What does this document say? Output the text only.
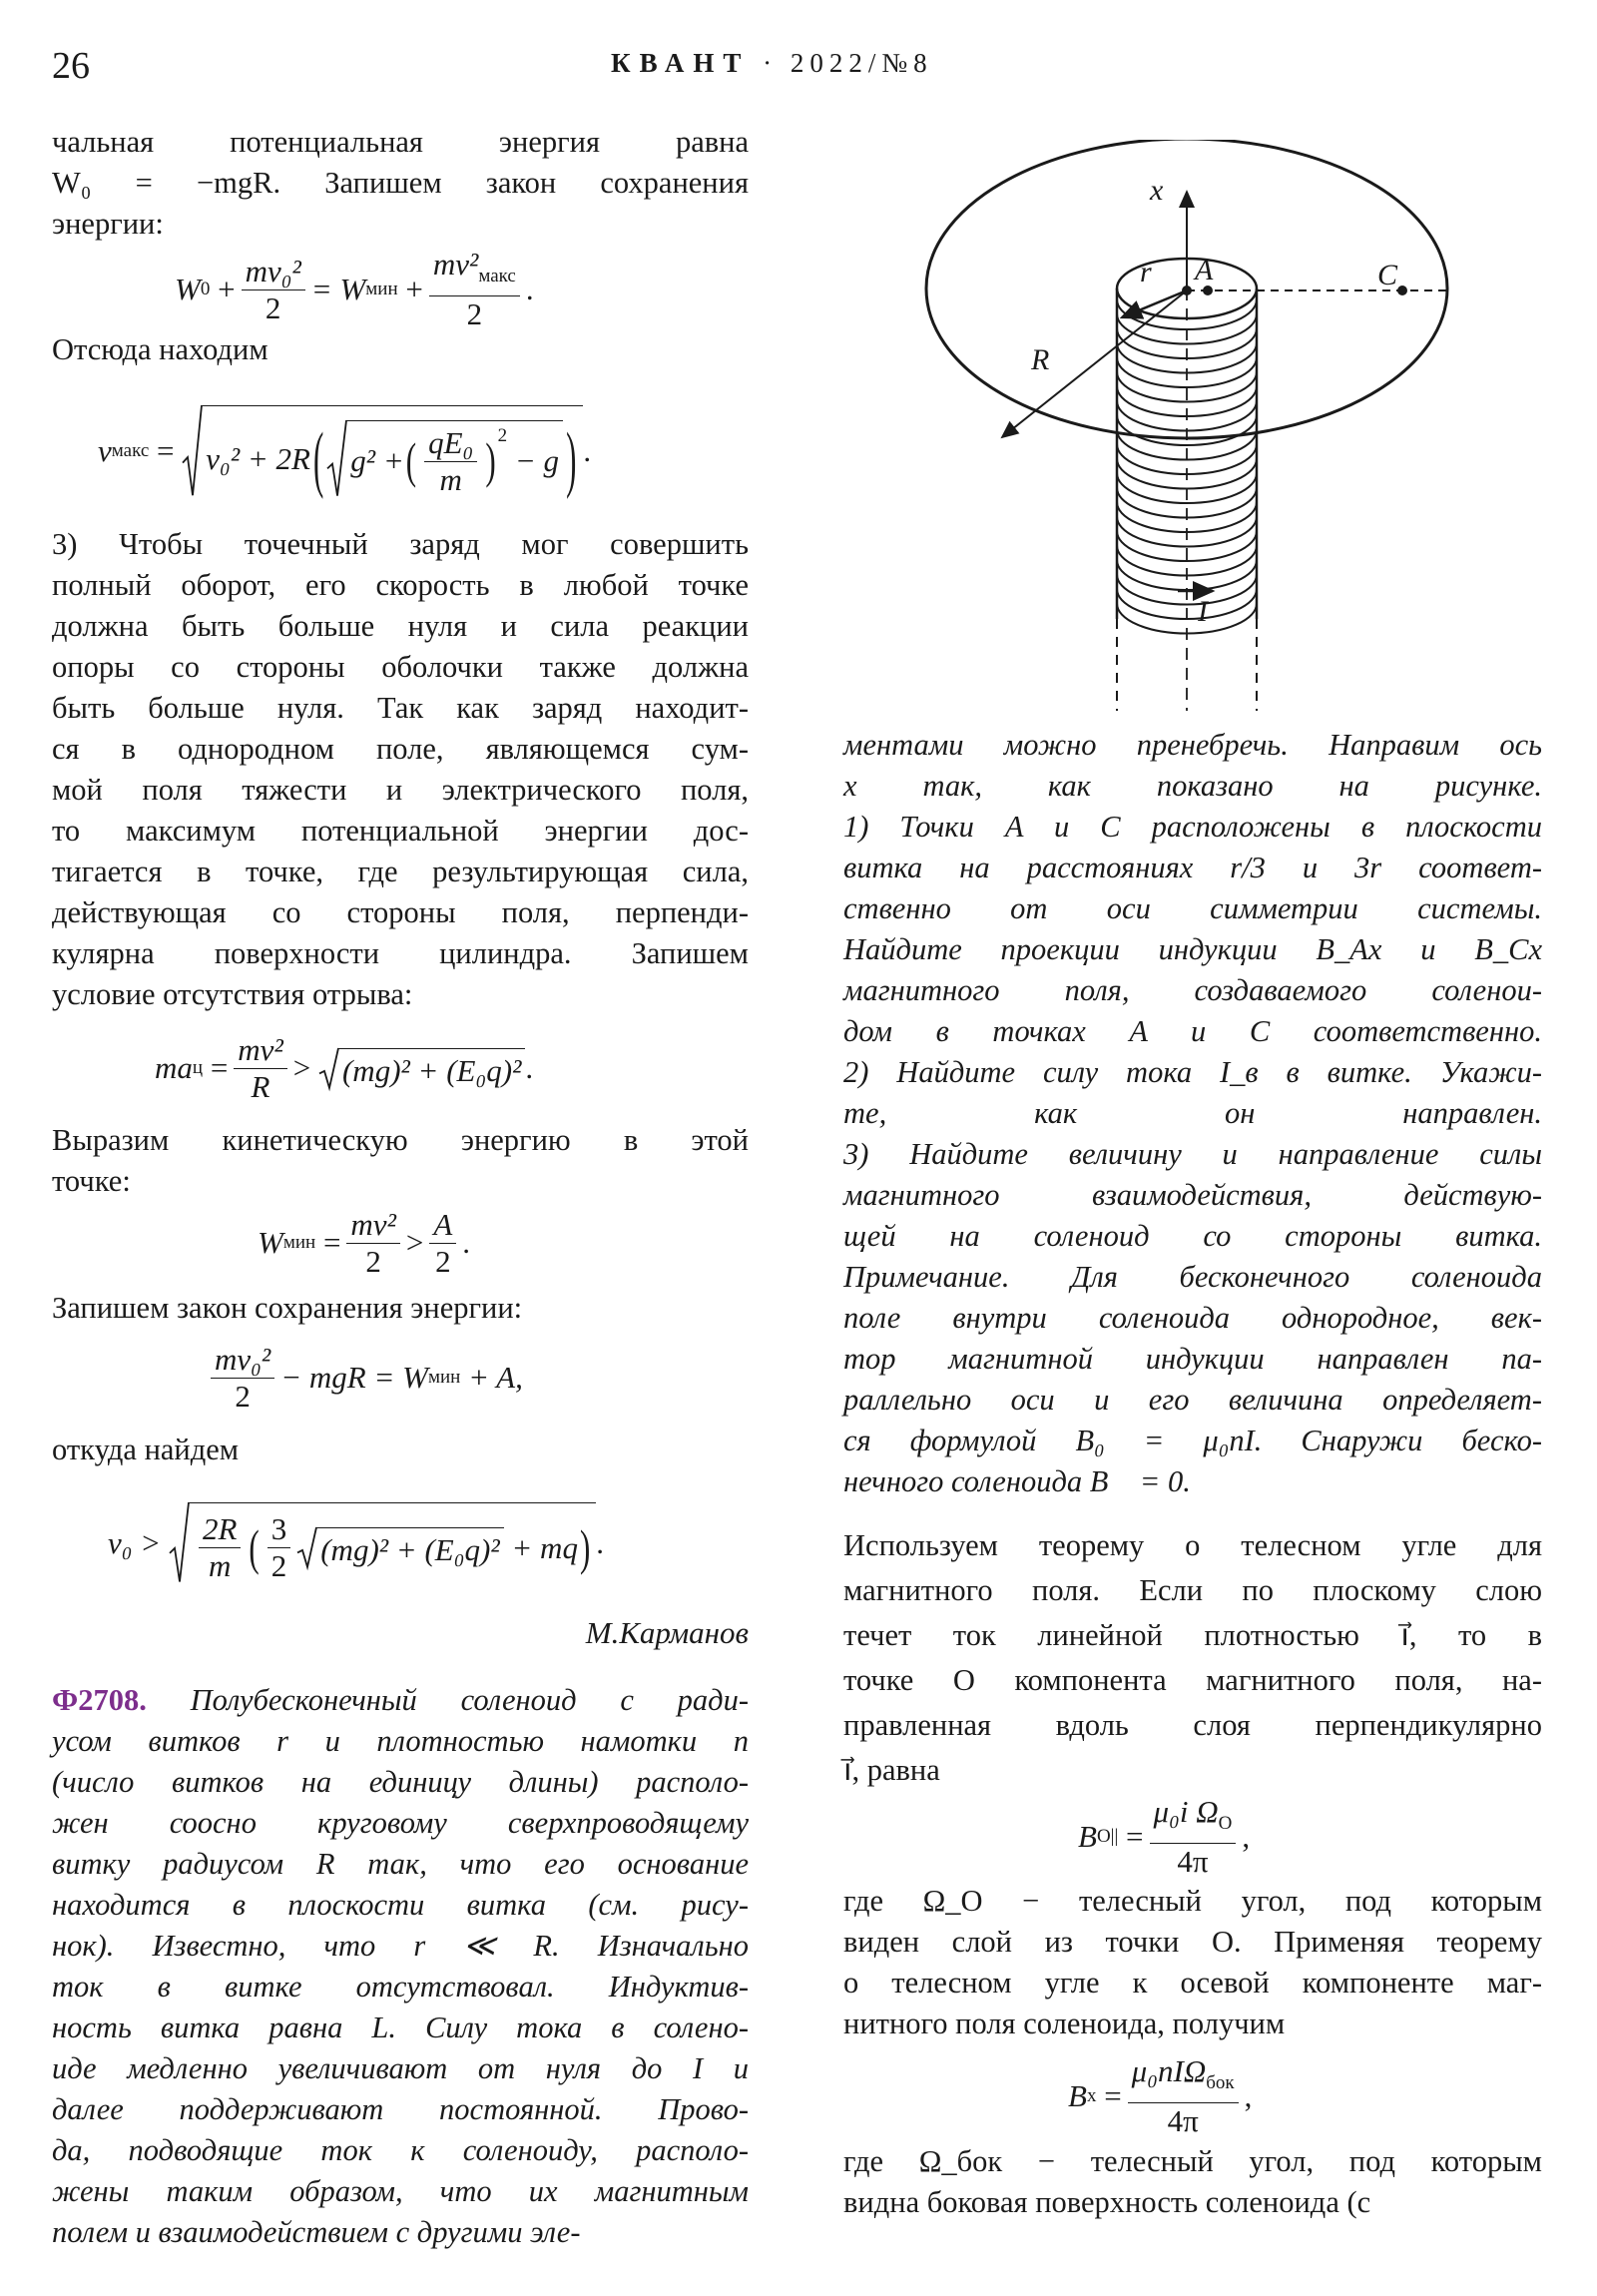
26	КВАНТ · 2022/№8
чальная потенциальная энергия равна
W₀ = −mgR. Запишем закон сохранения
энергии:
W 0
+ $\frac{\text{mv₀²}}{2} = W$ мин
+ $\frac{mv^2_{макс}}{2}$ .
Отсюда находим
v макс
=
v₀² + 2R ( g² + ( $\frac{\text{qE₀}}{m} )^2$

− g ) .
3) Чтобы точечный заряд мог совершить
полный оборот, его скорость в любой точке
должна быть больше нуля и сила реакции
опоры со стороны оболочки также должна
быть больше нуля. Так как заряд находит-
ся в однородном поле, являющемся сум-
мой поля тяжести и электрического поля,
то максимум потенциальной энергии дос-
тигается в точке, где результирующая сила,
действующая со стороны поля, перпенди-
кулярна поверхности цилиндра. Запишем
условие отсутствия отрыва:
ma ц
= $\frac{\text{mv²}}{R}$ >
(mg)² + (E₀q)² .
Выразим кинетическую энергию в этой
точке:
W мин
= $\frac{\text{mv²}}{2} > \frac{A}{2}$ .
Запишем закон сохранения энергии:
$\frac{\text{mv₀²}}{2}$ − mgR = W мин
+ A,
откуда найдем
v₀ >
$\frac{2R}{m}$ ( $\frac{3}{2} (mg)^2 + (E_0q)^2$
+ mq ) .
М.Карманов
Ф2708. Полубесконечный соленоид с ради-
усом витков r и плотностью намотки n
(число витков на единицу длины) располо-
жен соосно круговому сверхпроводящему
витку радиусом R так, что его основание
находится в плоскости витка (см. рису-
нок). Известно, что r ≪ R. Изначально
ток в витке отсутствовал. Индуктив-
ность витка равна L. Силу тока в солено-
иде медленно увеличивают от нуля до I и
далее поддерживают постоянной. Прово-
да, подводящие ток к соленоиду, располо-
жены таким образом, что их магнитным
полем и взаимодействием с другими эле-
x
r A	C
R
I
ментами можно пренебречь. Направим ось
x так, как показано на рисунке.
1) Точки A и C расположены в плоскости
витка на расстояниях r/3 и 3r соответ-
ственно от оси симметрии системы.
Найдите проекции индукции B_Ax и B_Cx
магнитного поля, создаваемого соленои-
дом в точках A и C соответственно.
2) Найдите силу тока I_в в витке. Укажи-
те, как он направлен.
3) Найдите величину и направление силы
магнитного взаимодействия, действую-
щей на соленоид со стороны витка.
Примечание. Для бесконечного соленоида
поле внутри соленоида однородное, век-
тор магнитной индукции направлен па-
раллельно оси и его величина определяет-
ся формулой B₀ = μ₀nI. Снаружи беско-
нечного соленоида B⃗ = 0.
Используем теорему о телесном угле для
магнитного поля. Если по плоскому слою
течет ток линейной плотностью i⃗, то в
точке O компонента магнитного поля, на-
правленная вдоль слоя перпендикулярно
i⃗, равна
B O||
= $\frac{\mu_0i \Omega_O}{4\pi}$ ,
где Ω_O − телесный угол, под которым
виден слой из точки O. Применяя теорему
о телесном угле к осевой компоненте маг-
нитного поля соленоида, получим
B x
= $\frac{\mu_0nI\Omega_{бок}}{4\pi}$ ,
где Ω_бок − телесный угол, под которым
видна боковая поверхность соленоида (с
